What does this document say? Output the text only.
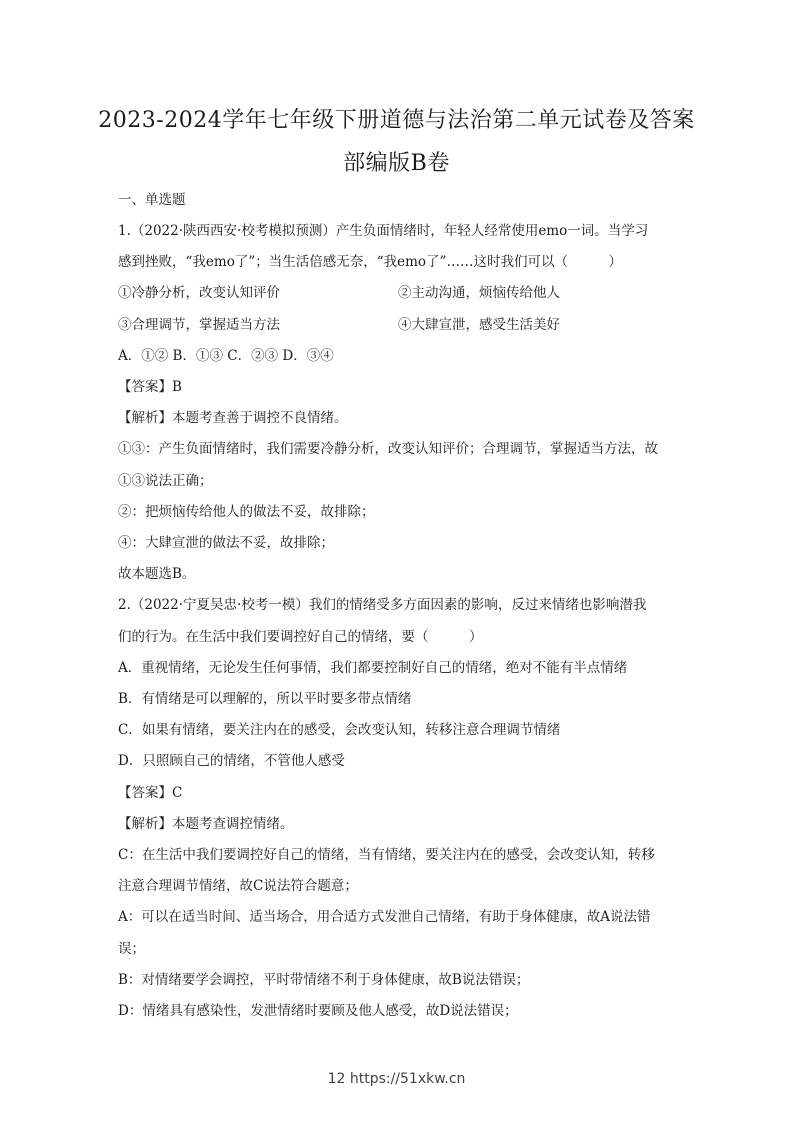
2023-2024学年七年级下册道德与法治第二单元试卷及答案
部编版B卷
一、单选题
1.（2022·陕西西安·校考模拟预测）产生负面情绪时，年轻人经常使用emo一词。当学习
感到挫败，“我emo了”；当生活倍感无奈，“我emo了”……这时我们可以（　　　）
①冷静分析，改变认知评价	②主动沟通，烦恼传给他人
③合理调节，掌握适当方法	④大肆宣泄，感受生活美好
A．①② B．①③ C．②③ D．③④
【答案】B
【解析】本题考查善于调控不良情绪。
①③：产生负面情绪时，我们需要冷静分析，改变认知评价；合理调节，掌握适当方法，故
①③说法正确；
②：把烦恼传给他人的做法不妥，故排除；
④：大肆宣泄的做法不妥，故排除；
故本题选B。
2.（2022·宁夏吴忠·校考一模）我们的情绪受多方面因素的影响，反过来情绪也影响潜我
们的行为。在生活中我们要调控好自己的情绪，要（　　　）
A．重视情绪，无论发生任何事情，我们都要控制好自己的情绪，绝对不能有半点情绪
B．有情绪是可以理解的，所以平时要多带点情绪
C．如果有情绪，要关注内在的感受，会改变认知，转移注意合理调节情绪
D．只照顾自己的情绪，不管他人感受
【答案】C
【解析】本题考查调控情绪。
C：在生活中我们要调控好自己的情绪，当有情绪，要关注内在的感受，会改变认知，转移
注意合理调节情绪，故C说法符合题意；
A：可以在适当时间、适当场合，用合适方式发泄自己情绪，有助于身体健康，故A说法错
误；
B：对情绪要学会调控，平时带情绪不利于身体健康，故B说法错误；
D：情绪具有感染性，发泄情绪时要顾及他人感受，故D说法错误；
12 https://51xkw.cn
